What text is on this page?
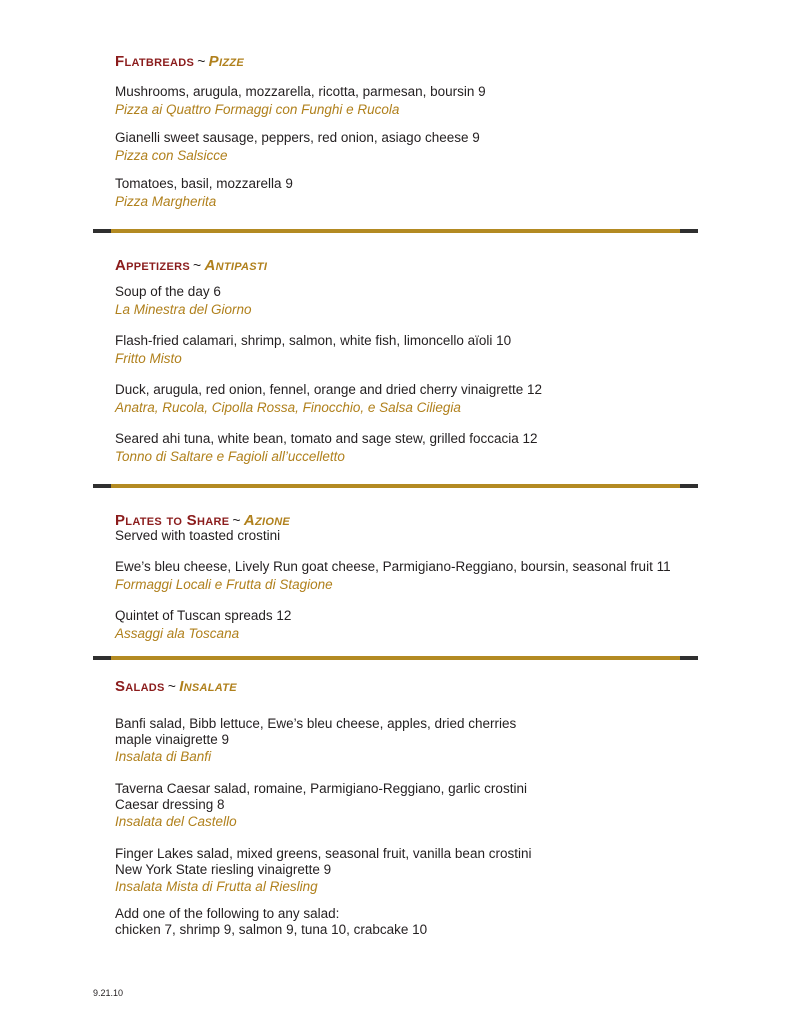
Flatbreads ~ Pizze

Mushrooms, arugula, mozzarella, ricotta, parmesan, boursin 9

Pizza ai Quattro Formaggi con Funghi e Rucola

Gianelli sweet sausage, peppers, red onion, asiago cheese 9

Pizza con Salsicce

Tomatoes, basil, mozzarella 9

Pizza Margherita

Appetizers ~ Antipasti

Soup of the day 6

La Minestra del Giorno

Flash-fried calamari, shrimp, salmon, white fish, limoncello aïoli 10

Fritto Misto

Duck, arugula, red onion, fennel, orange and dried cherry vinaigrette 12

Anatra, Rucola, Cipolla Rossa, Finocchio, e Salsa Ciliegia

Seared ahi tuna, white bean, tomato and sage stew, grilled foccacia 12

Tonno di Saltare e Fagioli all’uccelletto

Plates to Share ~ Azione

Served with toasted crostini

Ewe’s bleu cheese, Lively Run goat cheese, Parmigiano-Reggiano, boursin, seasonal fruit 11

Formaggi Locali e Frutta di Stagione

Quintet of Tuscan spreads 12

Assaggi ala Toscana

Salads ~ Insalate

Banfi salad, Bibb lettuce, Ewe’s bleu cheese, apples, dried cherries

maple vinaigrette 9

Insalata di Banfi

Taverna Caesar salad, romaine, Parmigiano-Reggiano, garlic crostini

Caesar dressing 8

Insalata del Castello

Finger Lakes salad, mixed greens, seasonal fruit, vanilla bean crostini

New York State riesling vinaigrette 9

Insalata Mista di Frutta al Riesling

Add one of the following to any salad:

chicken 7, shrimp 9, salmon 9, tuna 10, crabcake 10

9.21.10
